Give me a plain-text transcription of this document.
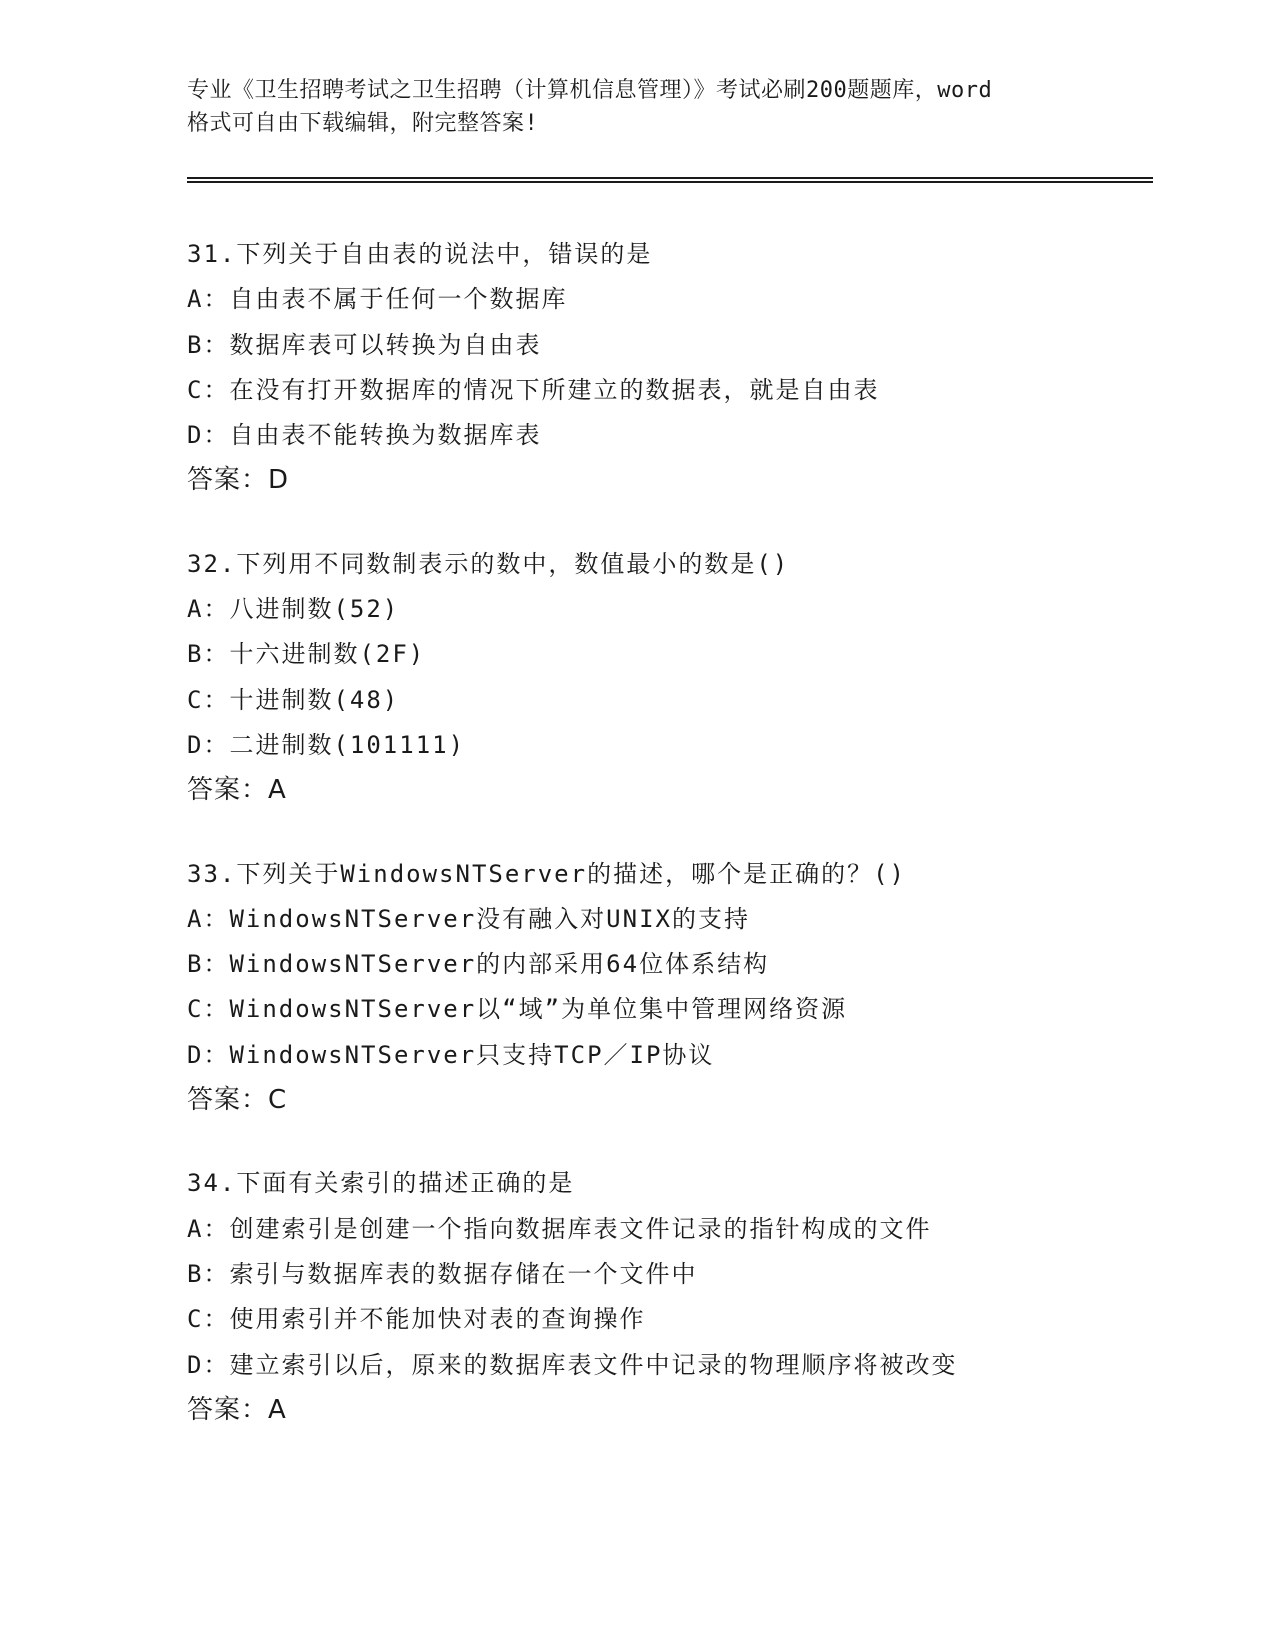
专业《卫生招聘考试之卫生招聘（计算机信息管理）》考试必刷200题题库，word
格式可自由下载编辑，附完整答案!
31.下列关于自由表的说法中，错误的是
A：自由表不属于任何一个数据库
B：数据库表可以转换为自由表
C：在没有打开数据库的情况下所建立的数据表，就是自由表
D：自由表不能转换为数据库表
答案：D
32.下列用不同数制表示的数中，数值最小的数是()
A：八进制数(52)
B：十六进制数(2F)
C：十进制数(48)
D：二进制数(101111)
答案：A
33.下列关于WindowsNTServer的描述，哪个是正确的？()
A：WindowsNTServer没有融入对UNIX的支持
B：WindowsNTServer的内部采用64位体系结构
C：WindowsNTServer以“域”为单位集中管理网络资源
D：WindowsNTServer只支持TCP／IP协议
答案：C
34.下面有关索引的描述正确的是
A：创建索引是创建一个指向数据库表文件记录的指针构成的文件
B：索引与数据库表的数据存储在一个文件中
C：使用索引并不能加快对表的查询操作
D：建立索引以后，原来的数据库表文件中记录的物理顺序将被改变
答案：A
